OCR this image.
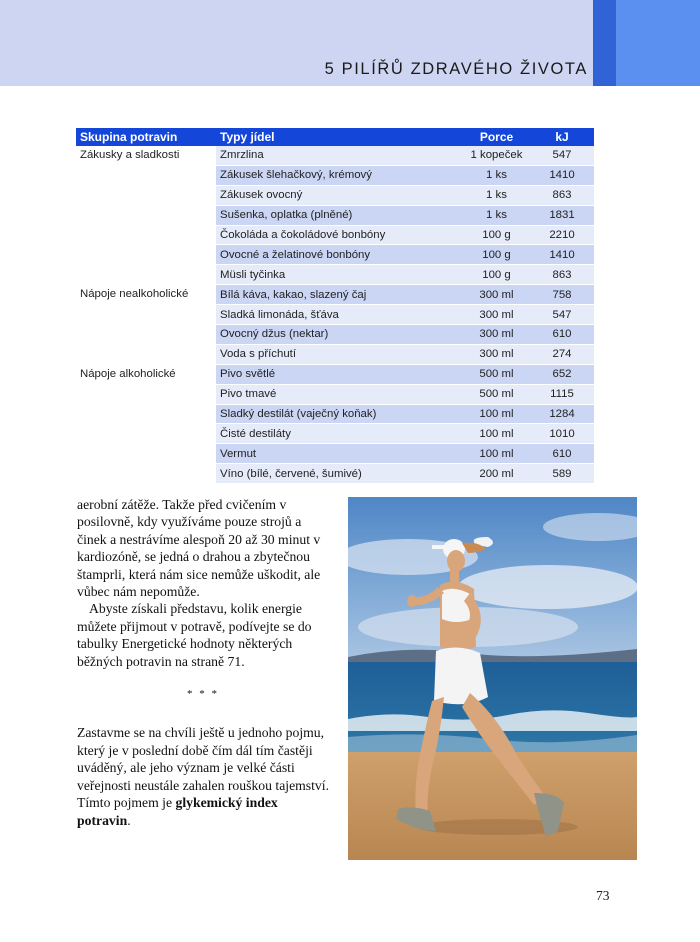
5 PILÍŘŮ ZDRAVÉHO ŽIVOTA
Skupina potravin	Typy jídel	Porce	kJ
Zákusky a sladkosti	Zmrzlina	1 kopeček	547
	Zákusek šlehačkový, krémový	1 ks	1410
	Zákusek ovocný	1 ks	863
	Sušenka, oplatka (plněné)	1 ks	1831
	Čokoláda a čokoládové bonbóny	100 g	2210
	Ovocné a želatinové bonbóny	100 g	1410
	Müsli tyčinka	100 g	863
Nápoje nealkoholické	Bílá káva, kakao, slazený čaj	300 ml	758
	Sladká limonáda, šťáva	300 ml	547
	Ovocný džus (nektar)	300 ml	610
	Voda s příchutí	300 ml	274
Nápoje alkoholické	Pivo světlé	500 ml	652
	Pivo tmavé	500 ml	1115
	Sladký destilát (vaječný koňak)	100 ml	1284
	Čisté destiláty	100 ml	1010
	Vermut	100 ml	610
	Víno (bílé, červené, šumivé)	200 ml	589

aerobní zátěže. Takže před cvičením v posilovně, kdy využíváme pouze strojů a činek a nestrávíme alespoň 20 až 30 minut v kardiozóně, se jedná o drahou a zbytečnou štamprli, která nám sice nemůže uškodit, ale vůbec nám nepomůže.

Abyste získali představu, kolik energie můžete přijmout v potravě, podívejte se do tabulky Energetické hodnoty některých běžných potravin na straně 71.

* * *

Zastavme se na chvíli ještě u jednoho pojmu, který je v poslední době čím dál tím častěji uváděný, ale jeho význam je velké části veřejnosti neustále zahalen rouškou tajemství. Tímto pojmem je glykemický index potravin.

73
